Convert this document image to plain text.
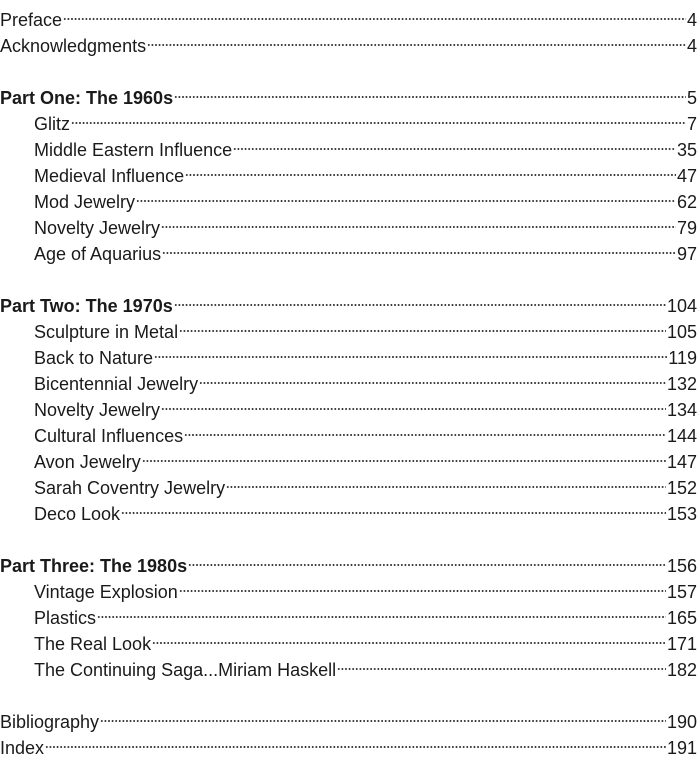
Preface	4
Acknowledgments	4
Part One: The 1960s	5
Glitz	7
Middle Eastern Influence	35
Medieval Influence	47
Mod Jewelry	62
Novelty Jewelry	79
Age of Aquarius	97
Part Two: The 1970s	104
Sculpture in Metal	105
Back to Nature	119
Bicentennial Jewelry	132
Novelty Jewelry	134
Cultural Influences	144
Avon Jewelry	147
Sarah Coventry Jewelry	152
Deco Look	153
Part Three: The 1980s	156
Vintage Explosion	157
Plastics	165
The Real Look	171
The Continuing Saga...Miriam Haskell	182
Bibliography	190
Index	191
